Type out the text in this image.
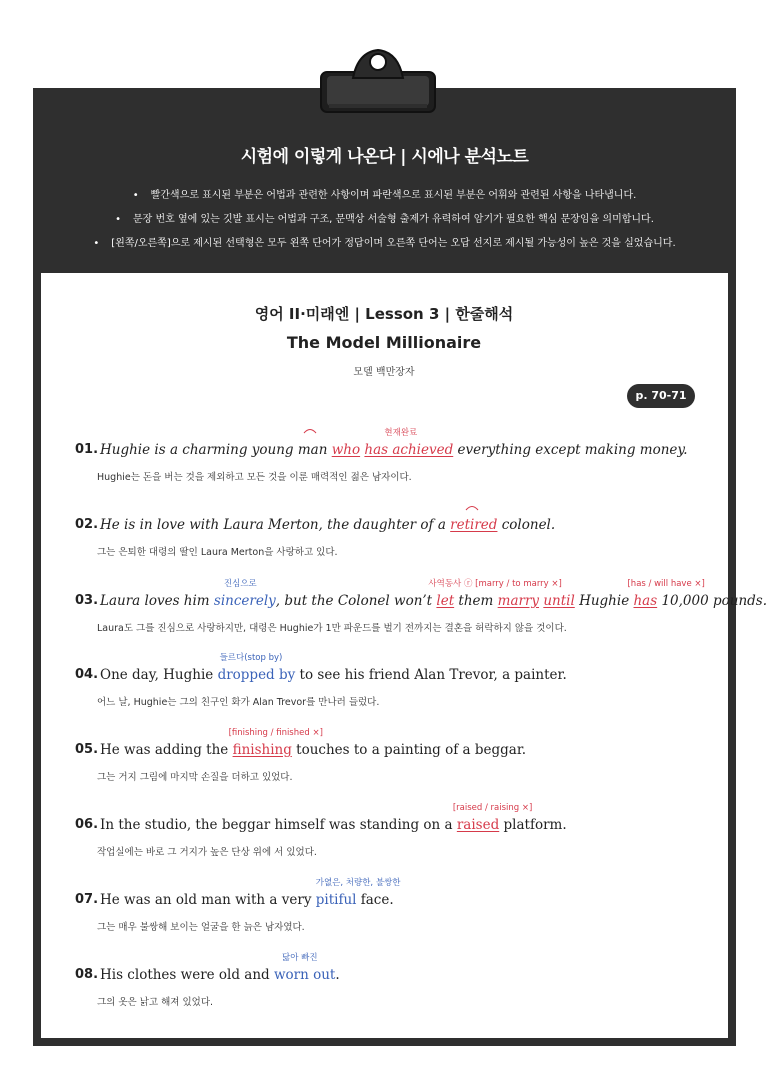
시험에 이렇게 나온다 | 시에나 분석노트
• 빨간색으로 표시된 부분은 어법과 관련한 사항이며 파란색으로 표시된 부분은 어휘와 관련된 사항을 나타냅니다.
• 문장 번호 옆에 있는 깃발 표시는 어법과 구조, 문맥상 서술형 출제가 유력하여 암기가 필요한 핵심 문장임을 의미합니다.
• [왼쪽/오른쪽]으로 제시된 선택형은 모두 왼쪽 단어가 정답이며 오른쪽 단어는 오답 선지로 제시될 가능성이 높은 것을 실었습니다.
영어 II·미래엔 | Lesson 3 | 한줄해석
The Model Millionaire
모델 백만장자
p. 70-71
01. Hughie is a charming young man who has achieved
현재완료
everything except making money.
Hughie는 돈을 버는 것을 제외하고 모든 것을 이룬 매력적인 젊은 남자이다.
02. He is in love with Laura Merton, the daughter of a retired
colonel.
그는 은퇴한 대령의 딸인 Laura Merton을 사랑하고 있다.
03. Laura loves him sincerely
진심으로
, but the Colonel won’t let
사역동사 ⓡ [marry / to marry ×]
them marry until Hughie has
[has / will have ×]
10,000 pounds.
Laura도 그를 진심으로 사랑하지만, 대령은 Hughie가 1만 파운드를 벌기 전까지는 결혼을 허락하지 않을 것이다.
04. One day, Hughie dropped by
들르다(stop by)
to see his friend Alan Trevor, a painter.
어느 날, Hughie는 그의 친구인 화가 Alan Trevor를 만나러 들렀다.
05. He was adding the finishing
[finishing / finished ×]
touches to a painting of a beggar.
그는 거지 그림에 마지막 손질을 더하고 있었다.
06. In the studio, the beggar himself was standing on a raised
[raised / raising ×]
platform.
작업실에는 바로 그 거지가 높은 단상 위에 서 있었다.
07. He was an old man with a very pitiful
가엾은, 처량한, 불쌍한
face.
그는 매우 불쌍해 보이는 얼굴을 한 늙은 남자였다.
08. His clothes were old and worn out
닳아 빠진
.
그의 옷은 낡고 해져 있었다.
